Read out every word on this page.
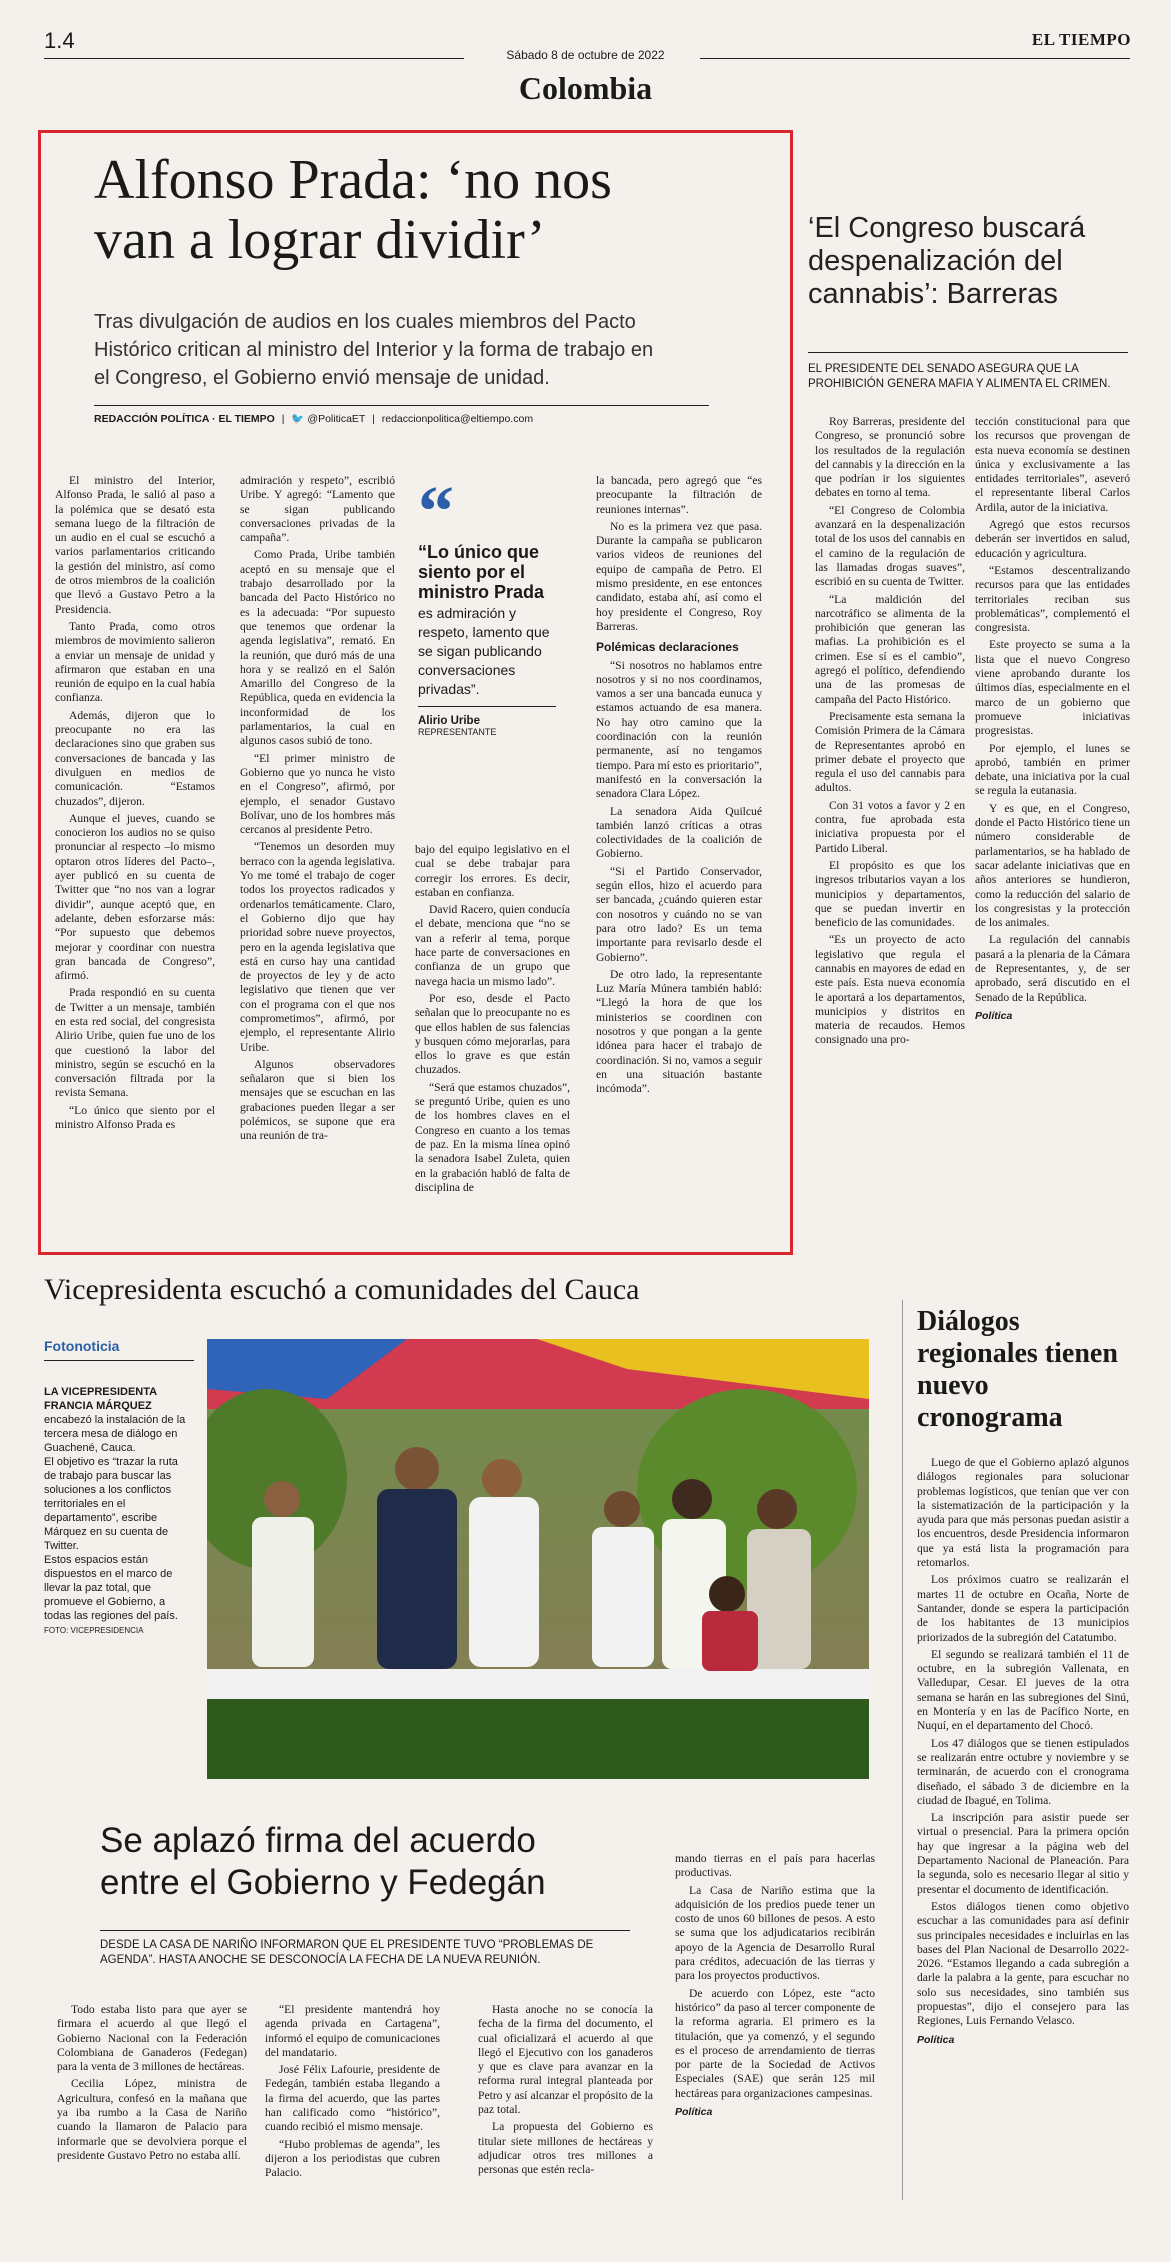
1.4
Sábado 8 de octubre de 2022
EL TIEMPO
Colombia
Alfonso Prada: ‘no nos
van a lograr dividir’
Tras divulgación de audios en los cuales miembros del Pacto Histórico critican al ministro del Interior y la forma de trabajo en el Congreso, el Gobierno envió mensaje de unidad.
REDACCIÓN POLÍTICA · EL TIEMPO | 🐦 @PoliticaET | redaccionpolitica@eltiempo.com

El ministro del Interior, Alfonso Prada, le salió al paso a la polémica que se desató esta semana luego de la filtración de un audio en el cual se escuchó a varios parlamentarios criticando la gestión del ministro, así como de otros miembros de la coalición que llevó a Gustavo Petro a la Presidencia.

Tanto Prada, como otros miembros de movimiento salieron a enviar un mensaje de unidad y afirmaron que estaban en una reunión de equipo en la cual había confianza.

Además, dijeron que lo preocupante no era las declaraciones sino que graben sus conversaciones de bancada y las divulguen en medios de comunicación. “Estamos chuzados”, dijeron.

Aunque el jueves, cuando se conocieron los audios no se quiso pronunciar al respecto –lo mismo optaron otros líderes del Pacto–, ayer publicó en su cuenta de Twitter que “no nos van a lograr dividir”, aunque aceptó que, en adelante, deben esforzarse más: “Por supuesto que debemos mejorar y coordinar con nuestra gran bancada de Congreso”, afirmó.

Prada respondió en su cuenta de Twitter a un mensaje, también en esta red social, del congresista Alirio Uribe, quien fue uno de los que cuestionó la labor del ministro, según se escuchó en la conversación filtrada por la revista Semana.

“Lo único que siento por el ministro Alfonso Prada es

admiración y respeto”, escribió Uribe. Y agregó: “Lamento que se sigan publicando conversaciones privadas de la campaña”.

Como Prada, Uribe también aceptó en su mensaje que el trabajo desarrollado por la bancada del Pacto Histórico no es la adecuada: “Por supuesto que tenemos que ordenar la agenda legislativa”, remató. En la reunión, que duró más de una hora y se realizó en el Salón Amarillo del Congreso de la República, queda en evidencia la inconformidad de los parlamentarios, la cual en algunos casos subió de tono.

“El primer ministro de Gobierno que yo nunca he visto en el Congreso”, afirmó, por ejemplo, el senador Gustavo Bolívar, uno de los hombres más cercanos al presidente Petro.

“Tenemos un desorden muy berraco con la agenda legislativa. Yo me tomé el trabajo de coger todos los proyectos radicados y ordenarlos temáticamente. Claro, el Gobierno dijo que hay prioridad sobre nueve proyectos, pero en la agenda legislativa que está en curso hay una cantidad de proyectos de ley y de acto legislativo que tienen que ver con el programa con el que nos comprometimos”, afirmó, por ejemplo, el representante Alirio Uribe.

Algunos observadores señalaron que si bien los mensajes que se escuchan en las grabaciones pueden llegar a ser polémicos, se supone que era una reunión de tra-

“
“Lo único que siento por el ministro Prada
es admiración y respeto, lamento que se sigan publicando conversaciones privadas”.
Alirio Uribe
REPRESENTANTE

bajo del equipo legislativo en el cual se debe trabajar para corregir los errores. Es decir, estaban en confianza.

David Racero, quien conducía el debate, menciona que “no se van a referir al tema, porque hace parte de conversaciones en confianza de un grupo que navega hacia un mismo lado”.

Por eso, desde el Pacto señalan que lo preocupante no es que ellos hablen de sus falencias y busquen cómo mejorarlas, para ellos lo grave es que están chuzados.

“Será que estamos chuzados”, se preguntó Uribe, quien es uno de los hombres claves en el Congreso en cuanto a los temas de paz. En la misma línea opinó la senadora Isabel Zuleta, quien en la grabación habló de falta de disciplina de

la bancada, pero agregó que “es preocupante la filtración de reuniones internas”.

No es la primera vez que pasa. Durante la campaña se publicaron varios videos de reuniones del equipo de campaña de Petro. El mismo presidente, en ese entonces candidato, estaba ahí, así como el hoy presidente el Congreso, Roy Barreras.

Polémicas declaraciones

“Si nosotros no hablamos entre nosotros y si no nos coordinamos, vamos a ser una bancada eunuca y estamos actuando de esa manera. No hay otro camino que la coordinación con la reunión permanente, así no tengamos tiempo. Para mí esto es prioritario”, manifestó en la conversación la senadora Clara López.

La senadora Aida Quilcué también lanzó críticas a otras colectividades de la coalición de Gobierno.

“Si el Partido Conservador, según ellos, hizo el acuerdo para ser bancada, ¿cuándo quieren estar con nosotros y cuándo no se van para otro lado? Es un tema importante para revisarlo desde el Gobierno”.

De otro lado, la representante Luz María Múnera también habló: “Llegó la hora de que los ministerios se coordinen con nosotros y que pongan a la gente idónea para hacer el trabajo de coordinación. Si no, vamos a seguir en una situación bastante incómoda”.

‘El Congreso buscará despenalización del cannabis’: Barreras
EL PRESIDENTE DEL SENADO ASEGURA QUE LA PROHIBICIÓN GENERA MAFIA Y ALIMENTA EL CRIMEN.

Roy Barreras, presidente del Congreso, se pronunció sobre los resultados de la regulación del cannabis y la dirección en la que podrían ir los siguientes debates en torno al tema.

“El Congreso de Colombia avanzará en la despenalización total de los usos del cannabis en el camino de la regulación de las llamadas drogas suaves”, escribió en su cuenta de Twitter.

“La maldición del narcotráfico se alimenta de la prohibición que generan las mafias. La prohibición es el crimen. Ese sí es el cambio”, agregó el político, defendiendo una de las promesas de campaña del Pacto Histórico.

Precisamente esta semana la Comisión Primera de la Cámara de Representantes aprobó en primer debate el proyecto que regula el uso del cannabis para adultos.

Con 31 votos a favor y 2 en contra, fue aprobada esta iniciativa propuesta por el Partido Liberal.

El propósito es que los ingresos tributarios vayan a los municipios y departamentos, que se puedan invertir en beneficio de las comunidades.

“Es un proyecto de acto legislativo que regula el cannabis en mayores de edad en este país. Esta nueva economía le aportará a los departamentos, municipios y distritos en materia de recaudos. Hemos consignado una pro-

tección constitucional para que los recursos que provengan de esta nueva economía se destinen única y exclusivamente a las entidades territoriales”, aseveró el representante liberal Carlos Ardila, autor de la iniciativa.

Agregó que estos recursos deberán ser invertidos en salud, educación y agricultura.

“Estamos descentralizando recursos para que las entidades territoriales reciban sus problemáticas”, complementó el congresista.

Este proyecto se suma a la lista que el nuevo Congreso viene aprobando durante los últimos días, especialmente en el marco de un gobierno que promueve iniciativas progresistas.

Por ejemplo, el lunes se aprobó, también en primer debate, una iniciativa por la cual se regula la eutanasia.

Y es que, en el Congreso, donde el Pacto Histórico tiene un número considerable de parlamentarios, se ha hablado de sacar adelante iniciativas que en años anteriores se hundieron, como la reducción del salario de los congresistas y la protección de los animales.

La regulación del cannabis pasará a la plenaria de la Cámara de Representantes, y, de ser aprobado, será discutido en el Senado de la República.

Política
Vicepresidenta escuchó a comunidades del Cauca
Fotonoticia
LA VICEPRESIDENTA FRANCIA MÁRQUEZ
encabezó la instalación de la tercera mesa de diálogo en Guachené, Cauca.
El objetivo es “trazar la ruta de trabajo para buscar las soluciones a los conflictos territoriales en el departamento”, escribe Márquez en su cuenta de Twitter.
Estos espacios están dispuestos en el marco de llevar la paz total, que promueve el Gobierno, a todas las regiones del país. FOTO: VICEPRESIDENCIA
Diálogos regionales tienen nuevo cronograma

Luego de que el Gobierno aplazó algunos diálogos regionales para solucionar problemas logísticos, que tenían que ver con la sistematización de la participación y la ayuda para que más personas puedan asistir a los encuentros, desde Presidencia informaron que ya está lista la programación para retomarlos.

Los próximos cuatro se realizarán el martes 11 de octubre en Ocaña, Norte de Santander, donde se espera la participación de los habitantes de 13 municipios priorizados de la subregión del Catatumbo.

El segundo se realizará también el 11 de octubre, en la subregión Vallenata, en Valledupar, Cesar. El jueves de la otra semana se harán en las subregiones del Sinú, en Montería y en las de Pacífico Norte, en Nuquí, en el departamento del Chocó.

Los 47 diálogos que se tienen estipulados se realizarán entre octubre y noviembre y se terminarán, de acuerdo con el cronograma diseñado, el sábado 3 de diciembre en la ciudad de Ibagué, en Tolima.

La inscripción para asistir puede ser virtual o presencial. Para la primera opción hay que ingresar a la página web del Departamento Nacional de Planeación. Para la segunda, solo es necesario llegar al sitio y presentar el documento de identificación.

Estos diálogos tienen como objetivo escuchar a las comunidades para así definir sus principales necesidades e incluirlas en las bases del Plan Nacional de Desarrollo 2022-2026. “Estamos llegando a cada subregión a darle la palabra a la gente, para escuchar no solo sus necesidades, sino también sus propuestas”, dijo el consejero para las Regiones, Luis Fernando Velasco.

Política
Se aplazó firma del acuerdo
entre el Gobierno y Fedegán
DESDE LA CASA DE NARIÑO INFORMARON QUE EL PRESIDENTE TUVO “PROBLEMAS DE AGENDA”. HASTA ANOCHE SE DESCONOCÍA LA FECHA DE LA NUEVA REUNIÓN.

Todo estaba listo para que ayer se firmara el acuerdo al que llegó el Gobierno Nacional con la Federación Colombiana de Ganaderos (Fedegan) para la venta de 3 millones de hectáreas.

Cecilia López, ministra de Agricultura, confesó en la mañana que ya iba rumbo a la Casa de Nariño cuando la llamaron de Palacio para informarle que se devolviera porque el presidente Gustavo Petro no estaba allí.

“El presidente mantendrá hoy agenda privada en Cartagena”, informó el equipo de comunicaciones del mandatario.

José Félix Lafourie, presidente de Fedegán, también estaba llegando a la firma del acuerdo, que las partes han calificado como “histórico”, cuando recibió el mismo mensaje.

“Hubo problemas de agenda”, les dijeron a los periodistas que cubren Palacio.

Hasta anoche no se conocía la fecha de la firma del documento, el cual oficializará el acuerdo al que llegó el Ejecutivo con los ganaderos y que es clave para avanzar en la reforma rural integral planteada por Petro y así alcanzar el propósito de la paz total.

La propuesta del Gobierno es titular siete millones de hectáreas y adjudicar otros tres millones a personas que estén recla-

mando tierras en el país para hacerlas productivas.

La Casa de Nariño estima que la adquisición de los predios puede tener un costo de unos 60 billones de pesos. A esto se suma que los adjudicatarios recibirán apoyo de la Agencia de Desarrollo Rural para créditos, adecuación de las tierras y para los proyectos productivos.

De acuerdo con López, este “acto histórico” da paso al tercer componente de la reforma agraria. El primero es la titulación, que ya comenzó, y el segundo es el proceso de arrendamiento de tierras por parte de la Sociedad de Activos Especiales (SAE) que serán 125 mil hectáreas para organizaciones campesinas.

Política
